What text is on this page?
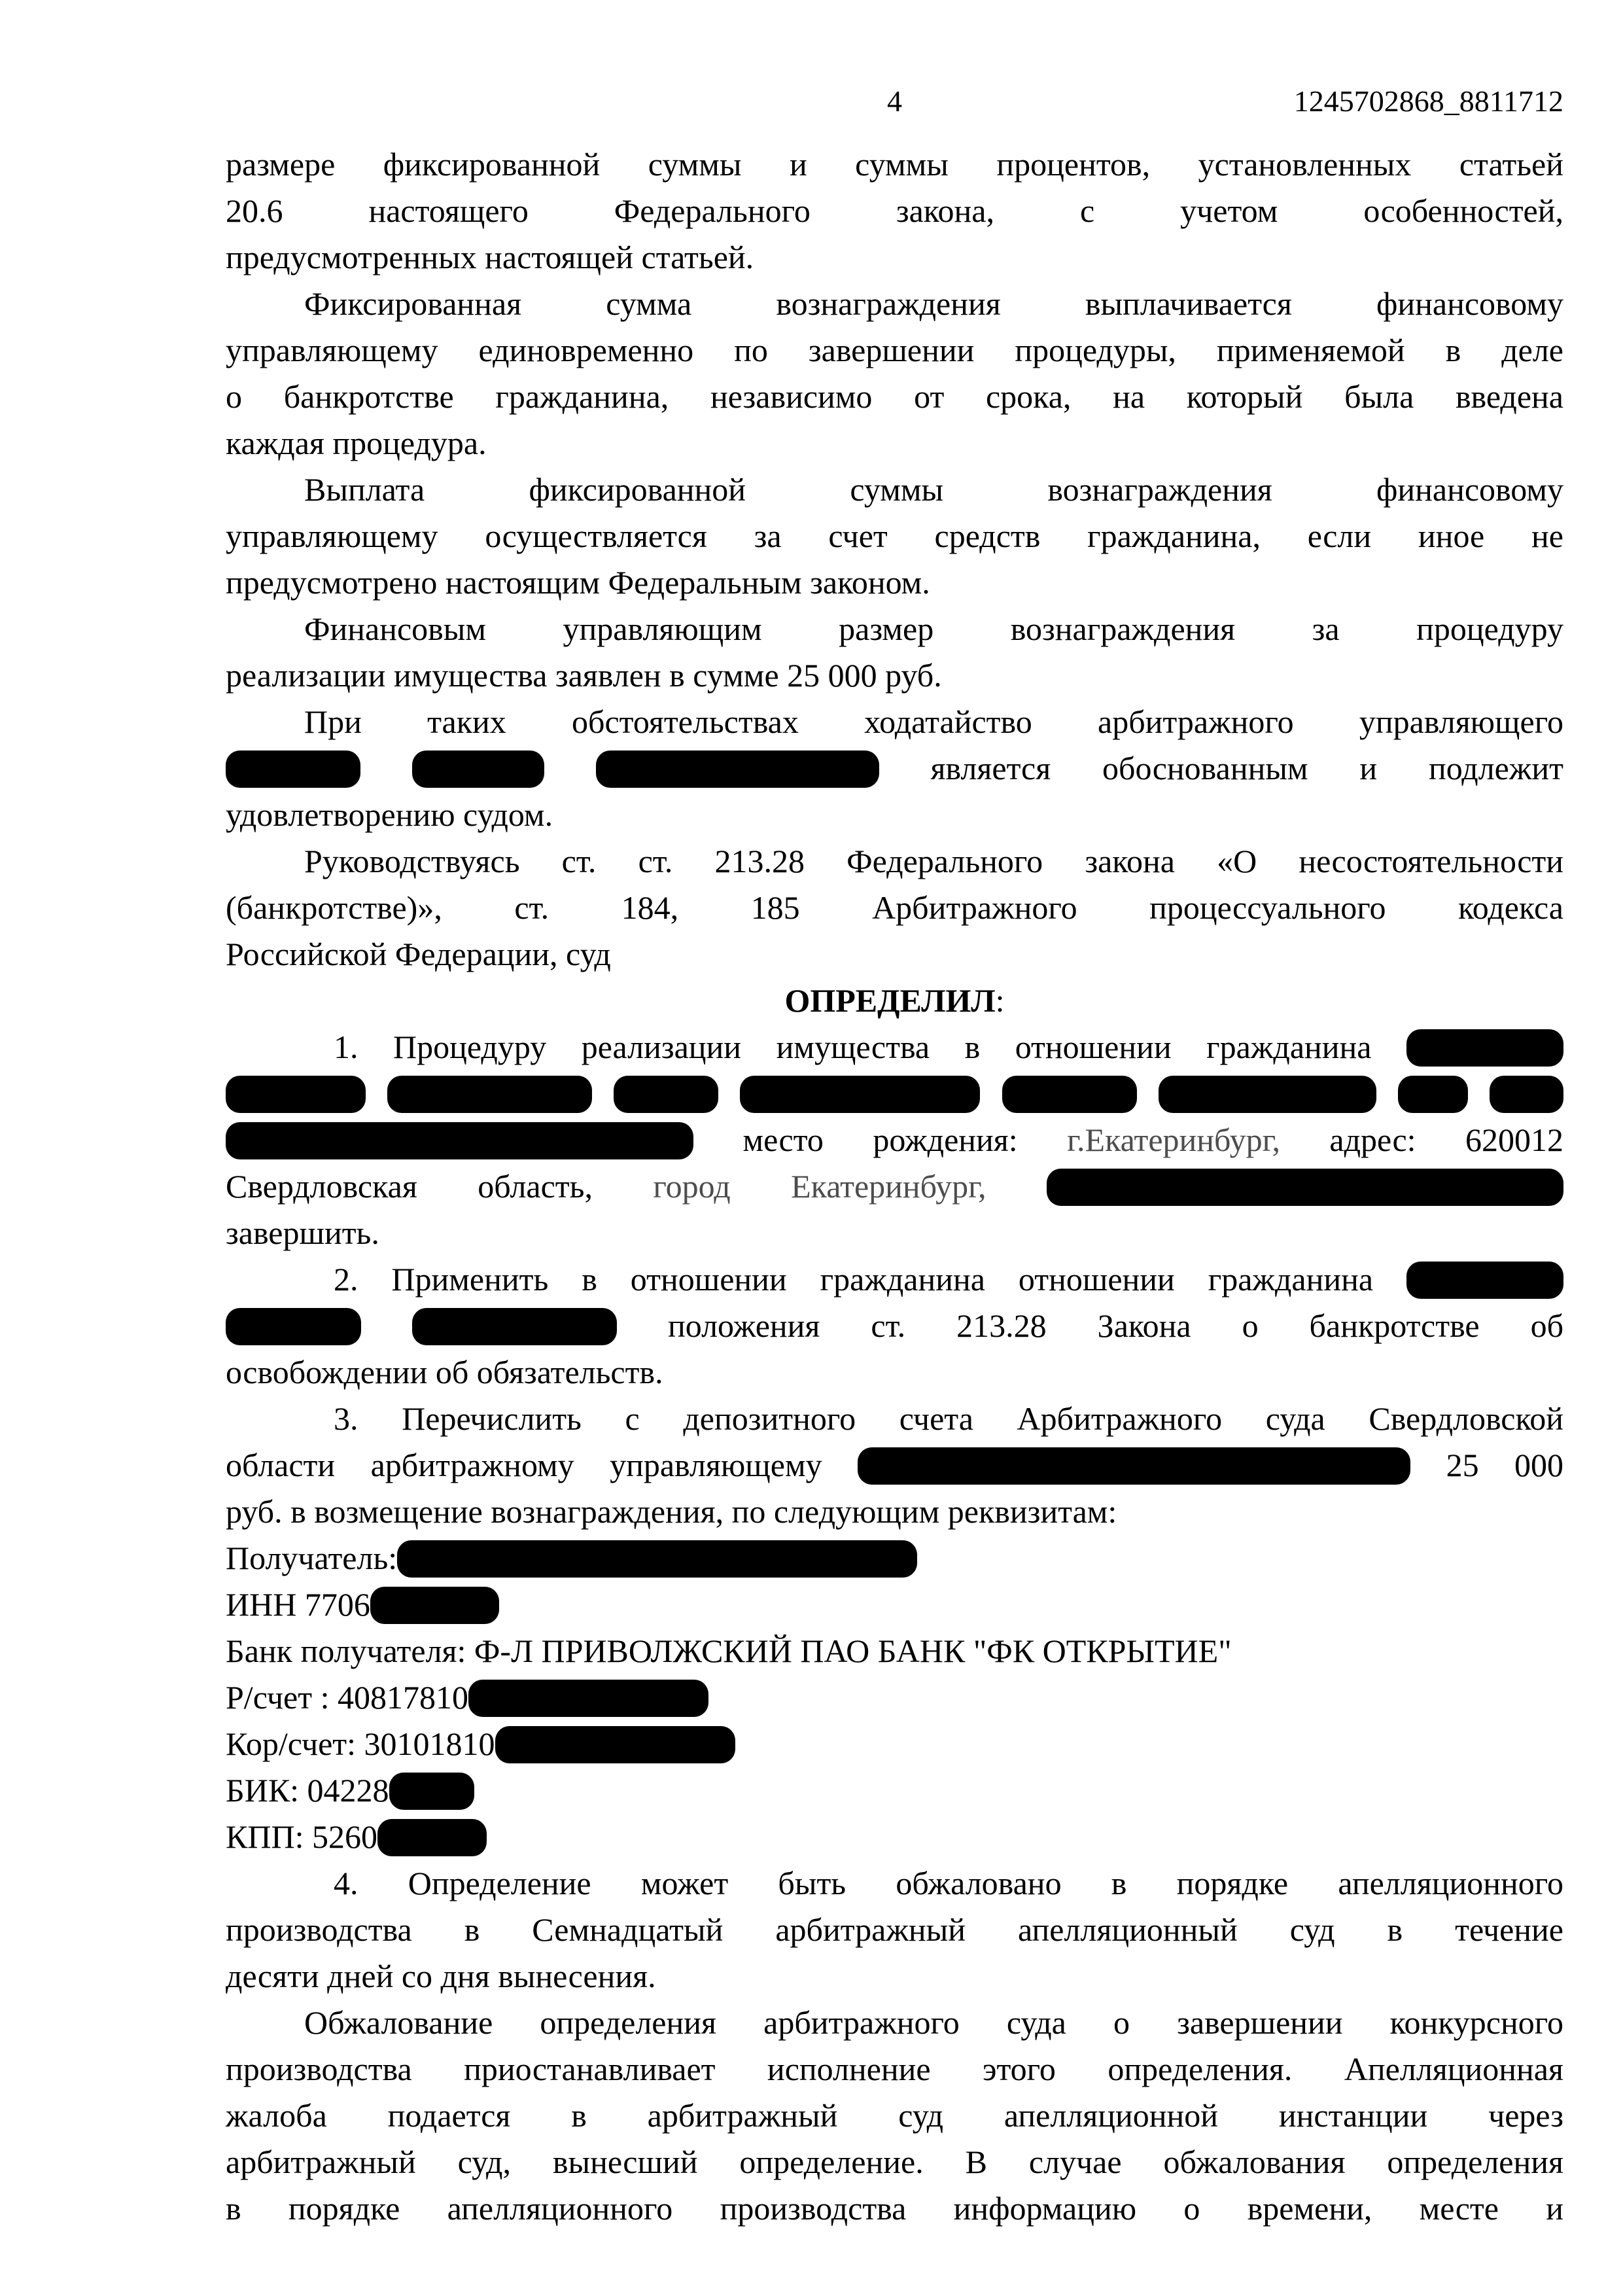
4	1245702868_8811712
размере фиксированной суммы и суммы процентов, установленных статьей
20.6 настоящего Федерального закона, с учетом особенностей,
предусмотренных настоящей статьей.
Фиксированная сумма вознаграждения выплачивается финансовому
управляющему единовременно по завершении процедуры, применяемой в деле
о банкротстве гражданина, независимо от срока, на который была введена
каждая процедура.
Выплата фиксированной суммы вознаграждения финансовому
управляющему осуществляется за счет средств гражданина, если иное не
предусмотрено настоящим Федеральным законом.
Финансовым управляющим размер вознаграждения за процедуру
реализации имущества заявлен в сумме 25 000 руб.
При таких обстоятельствах ходатайство арбитражного управляющего
является обоснованным и подлежит
удовлетворению судом.
Руководствуясь ст. ст. 213.28 Федерального закона «О несостоятельности
(банкротстве)», ст. 184, 185 Арбитражного процессуального кодекса
Российской Федерации, суд
ОПРЕДЕЛИЛ:
1. Процедуру реализации имущества в отношении гражданина

место рождения: г.Екатеринбург, адрес: 620012
Свердловская область, город Екатеринбург,
завершить.
2. Применить в отношении гражданина отношении гражданина
положения ст. 213.28 Закона о банкротстве об
освобождении об обязательств.
3. Перечислить с депозитного счета Арбитражного суда Свердловской
области арбитражному управляющему	25 000
руб. в возмещение вознаграждения, по следующим реквизитам:
Получатель:
ИНН 7706
Банк получателя: Ф-Л ПРИВОЛЖСКИЙ ПАО БАНК "ФК ОТКРЫТИЕ"
Р/счет : 40817810
Кор/счет: 30101810
БИК: 04228
КПП: 5260
4. Определение может быть обжаловано в порядке апелляционного
производства в Семнадцатый арбитражный апелляционный суд в течение
десяти дней со дня вынесения.
Обжалование определения арбитражного суда о завершении конкурсного
производства приостанавливает исполнение этого определения. Апелляционная
жалоба подается в арбитражный суд апелляционной инстанции через
арбитражный суд, вынесший определение. В случае обжалования определения
в порядке апелляционного производства информацию о времени, месте и
